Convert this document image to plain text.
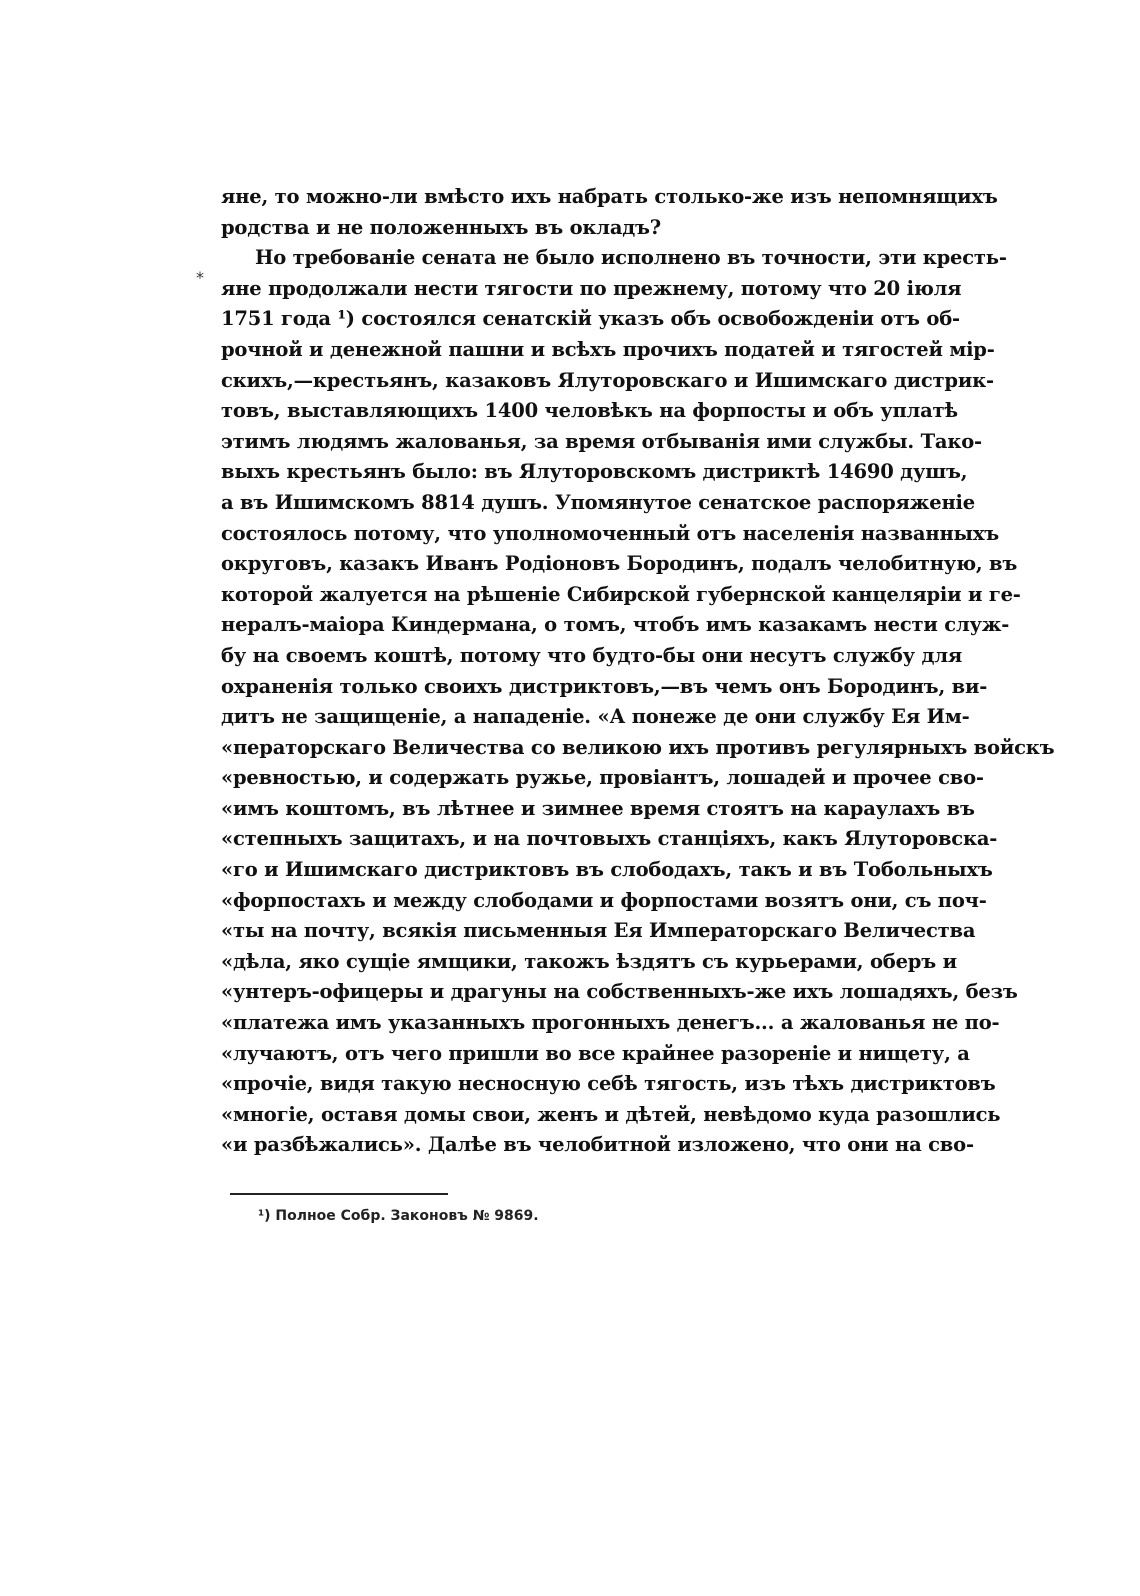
*
яне, то можно-ли вмѣсто ихъ набрать столько-же изъ непомнящихъ
родства и не положенныхъ въ окладъ?
Но требованіе сената не было исполнено въ точности, эти кресть-
яне продолжали нести тягости по прежнему, потому что 20 іюля
1751 года ¹) состоялся сенатскій указъ объ освобожденіи отъ об-
рочной и денежной пашни и всѣхъ прочихъ податей и тягостей мір-
скихъ,—крестьянъ, казаковъ Ялуторовскаго и Ишимскаго дистрик-
товъ, выставляющихъ 1400 человѣкъ на форпосты и объ уплатѣ
этимъ людямъ жалованья, за время отбыванія ими службы. Тако-
выхъ крестьянъ было: въ Ялуторовскомъ дистриктѣ 14690 душъ,
а въ Ишимскомъ 8814 душъ. Упомянутое сенатское распоряженіе
состоялось потому, что уполномоченный отъ населенія названныхъ
округовъ, казакъ Иванъ Родіоновъ Бородинъ, подалъ челобитную, въ
которой жалуется на рѣшеніе Сибирской губернской канцеляріи и ге-
нералъ-маіора Киндермана, о томъ, чтобъ имъ казакамъ нести служ-
бу на своемъ коштѣ, потому что будто-бы они несутъ службу для
охраненія только своихъ дистриктовъ,—въ чемъ онъ Бородинъ, ви-
дитъ не защищеніе, а нападеніе. «А понеже де они службу Ея Им-
«ператорскаго Величества со великою ихъ противъ регулярныхъ войскъ
«ревностью, и содержать ружье, провіантъ, лошадей и прочее сво-
«имъ коштомъ, въ лѣтнее и зимнее время стоятъ на караулахъ въ
«степныхъ защитахъ, и на почтовыхъ станціяхъ, какъ Ялуторовска-
«го и Ишимскаго дистриктовъ въ слободахъ, такъ и въ Тобольныхъ
«форпостахъ и между слободами и форпостами возятъ они, съ поч-
«ты на почту, всякія письменныя Ея Императорскаго Величества
«дѣла, яко сущіе ямщики, такожъ ѣздятъ съ курьерами, оберъ и
«унтеръ-офицеры и драгуны на собственныхъ-же ихъ лошадяхъ, безъ
«платежа имъ указанныхъ прогонныхъ денегъ... а жалованья не по-
«лучаютъ, отъ чего пришли во все крайнее разореніе и нищету, а
«прочіе, видя такую несносную себѣ тягость, изъ тѣхъ дистриктовъ
«многіе, оставя домы свои, женъ и дѣтей, невѣдомо куда разошлись
«и разбѣжались». Далѣе въ челобитной изложено, что они на сво-
¹) Полное Собр. Законовъ № 9869.
